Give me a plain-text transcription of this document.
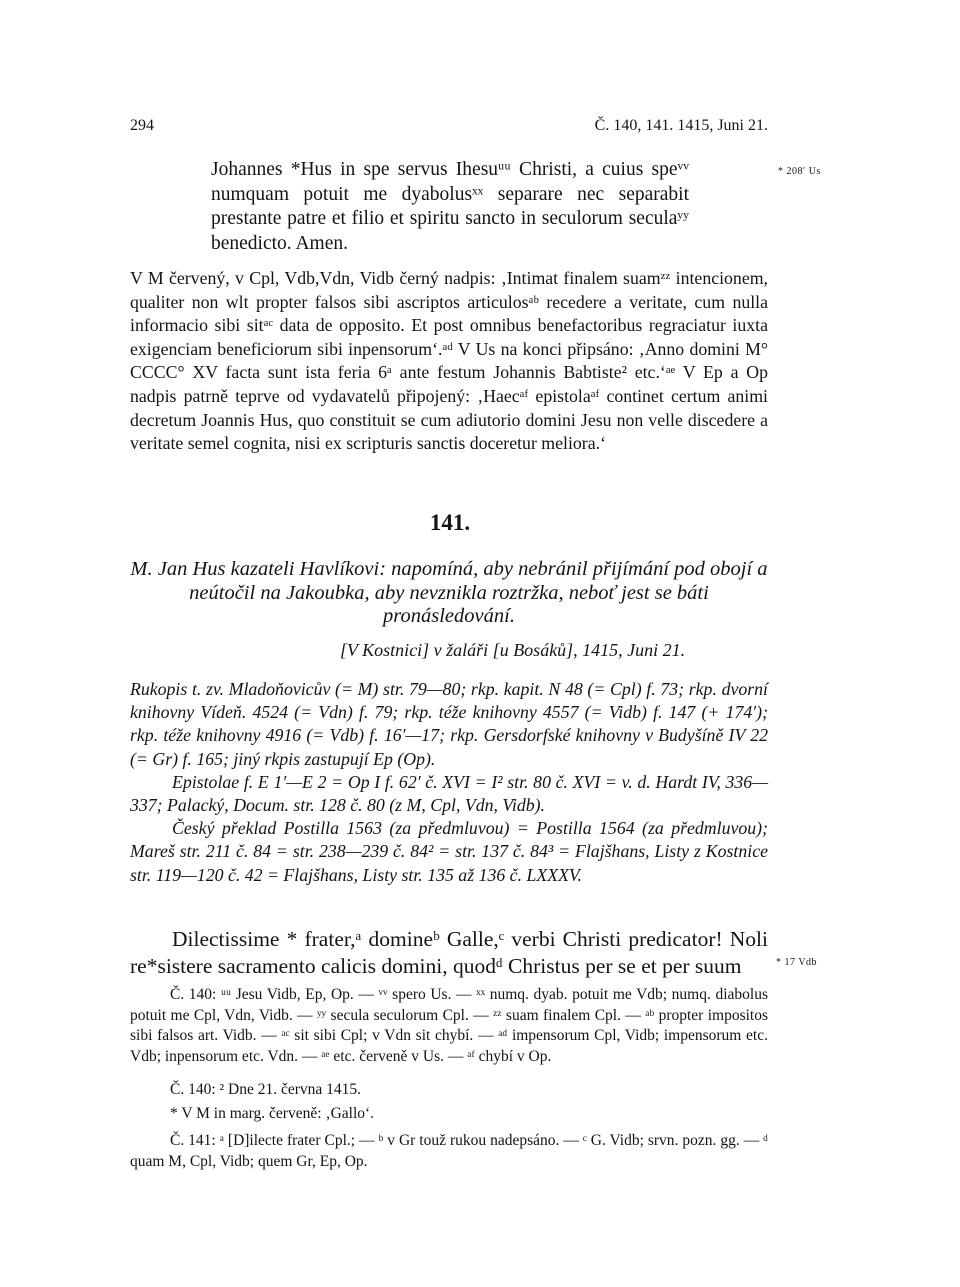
294	Č. 140, 141. 1415, Juni 21.
* 208′ Us
* 17 Vdb

Johannes *Hus in spe servus Ihesuᵘᵘ Christi, a cuius speᵛᵛ numquam potuit me dyabolusˣˣ separare nec separabit prestante patre et filio et spiritu sancto in seculorum seculaʸʸ benedicto. Amen.

V M červený, v Cpl, Vdb,Vdn, Vidb černý nadpis: ‚Intimat finalem suamᶻᶻ intencionem, qualiter non wlt propter falsos sibi ascriptos articulosᵃᵇ recedere a veritate, cum nulla informacio sibi sitᵃᶜ data de opposito. Et post omnibus benefactoribus regraciatur iuxta exigenciam beneficiorum sibi inpensorum‘.ᵃᵈ V Us na konci připsáno: ‚Anno domini M° CCCC° XV facta sunt ista feria 6ᵃ ante festum Johannis Babtiste² etc.‘ᵃᵉ V Ep a Op nadpis patrně teprve od vydavatelů připojený: ‚Haecᵃᶠ epistolaᵃᶠ continet certum animi decretum Joannis Hus, quo constituit se cum adiutorio domini Jesu non velle discedere a veritate semel cognita, nisi ex scripturis sanctis doceretur meliora.‘

141.
M. Jan Hus kazateli Havlíkovi: napomíná, aby nebránil přijímání pod obojí a neútočil na Jakoubka, aby nevznikla roztržka, neboť jest se báti pronásledování.
[V Kostnici] v žaláři [u Bosáků], 1415, Juni 21.

Rukopis t. zv. Mladoňovicův (= M) str. 79—80; rkp. kapit. N 48 (= Cpl) f. 73; rkp. dvorní knihovny Vídeň. 4524 (= Vdn) f. 79; rkp. téže knihovny 4557 (= Vidb) f. 147 (+ 174′); rkp. téže knihovny 4916 (= Vdb) f. 16′—17; rkp. Gersdorfské knihovny v Budyšíně IV 22 (= Gr) f. 165; jiný rkpis zastupují Ep (Op).

Epistolae f. E 1′—E 2 = Op I f. 62′ č. XVI = I² str. 80 č. XVI = v. d. Hardt IV, 336—337; Palacký, Docum. str. 128 č. 80 (z M, Cpl, Vdn, Vidb).

Český překlad Postilla 1563 (za předmluvou) = Postilla 1564 (za předmluvou); Mareš str. 211 č. 84 = str. 238—239 č. 84² = str. 137 č. 84³ = Flajšhans, Listy z Kostnice str. 119—120 č. 42 = Flajšhans, Listy str. 135 až 136 č. LXXXV.

Dilectissime * frater,ᵃ domineᵇ Galle,ᶜ verbi Christi predicator! Noli re*sistere sacramento calicis domini, quodᵈ Christus per se et per suum

Č. 140: ᵘᵘ Jesu Vidb, Ep, Op. — ᵛᵛ spero Us. — ˣˣ numq. dyab. potuit me Vdb; numq. diabolus potuit me Cpl, Vdn, Vidb. — ʸʸ secula seculorum Cpl. — ᶻᶻ suam finalem Cpl. — ᵃᵇ propter impositos sibi falsos art. Vidb. — ᵃᶜ sit sibi Cpl; v Vdn sit chybí. — ᵃᵈ impensorum Cpl, Vidb; impensorum etc. Vdb; inpensorum etc. Vdn. — ᵃᵉ etc. červeně v Us. — ᵃᶠ chybí v Op.

Č. 140: ² Dne 21. června 1415.

* V M in marg. červeně: ‚Gallo‘.

Č. 141: ᵃ [D]ilecte frater Cpl.; — ᵇ v Gr touž rukou nadepsáno. — ᶜ G. Vidb; srvn. pozn. gg. — ᵈ quam M, Cpl, Vidb; quem Gr, Ep, Op.
